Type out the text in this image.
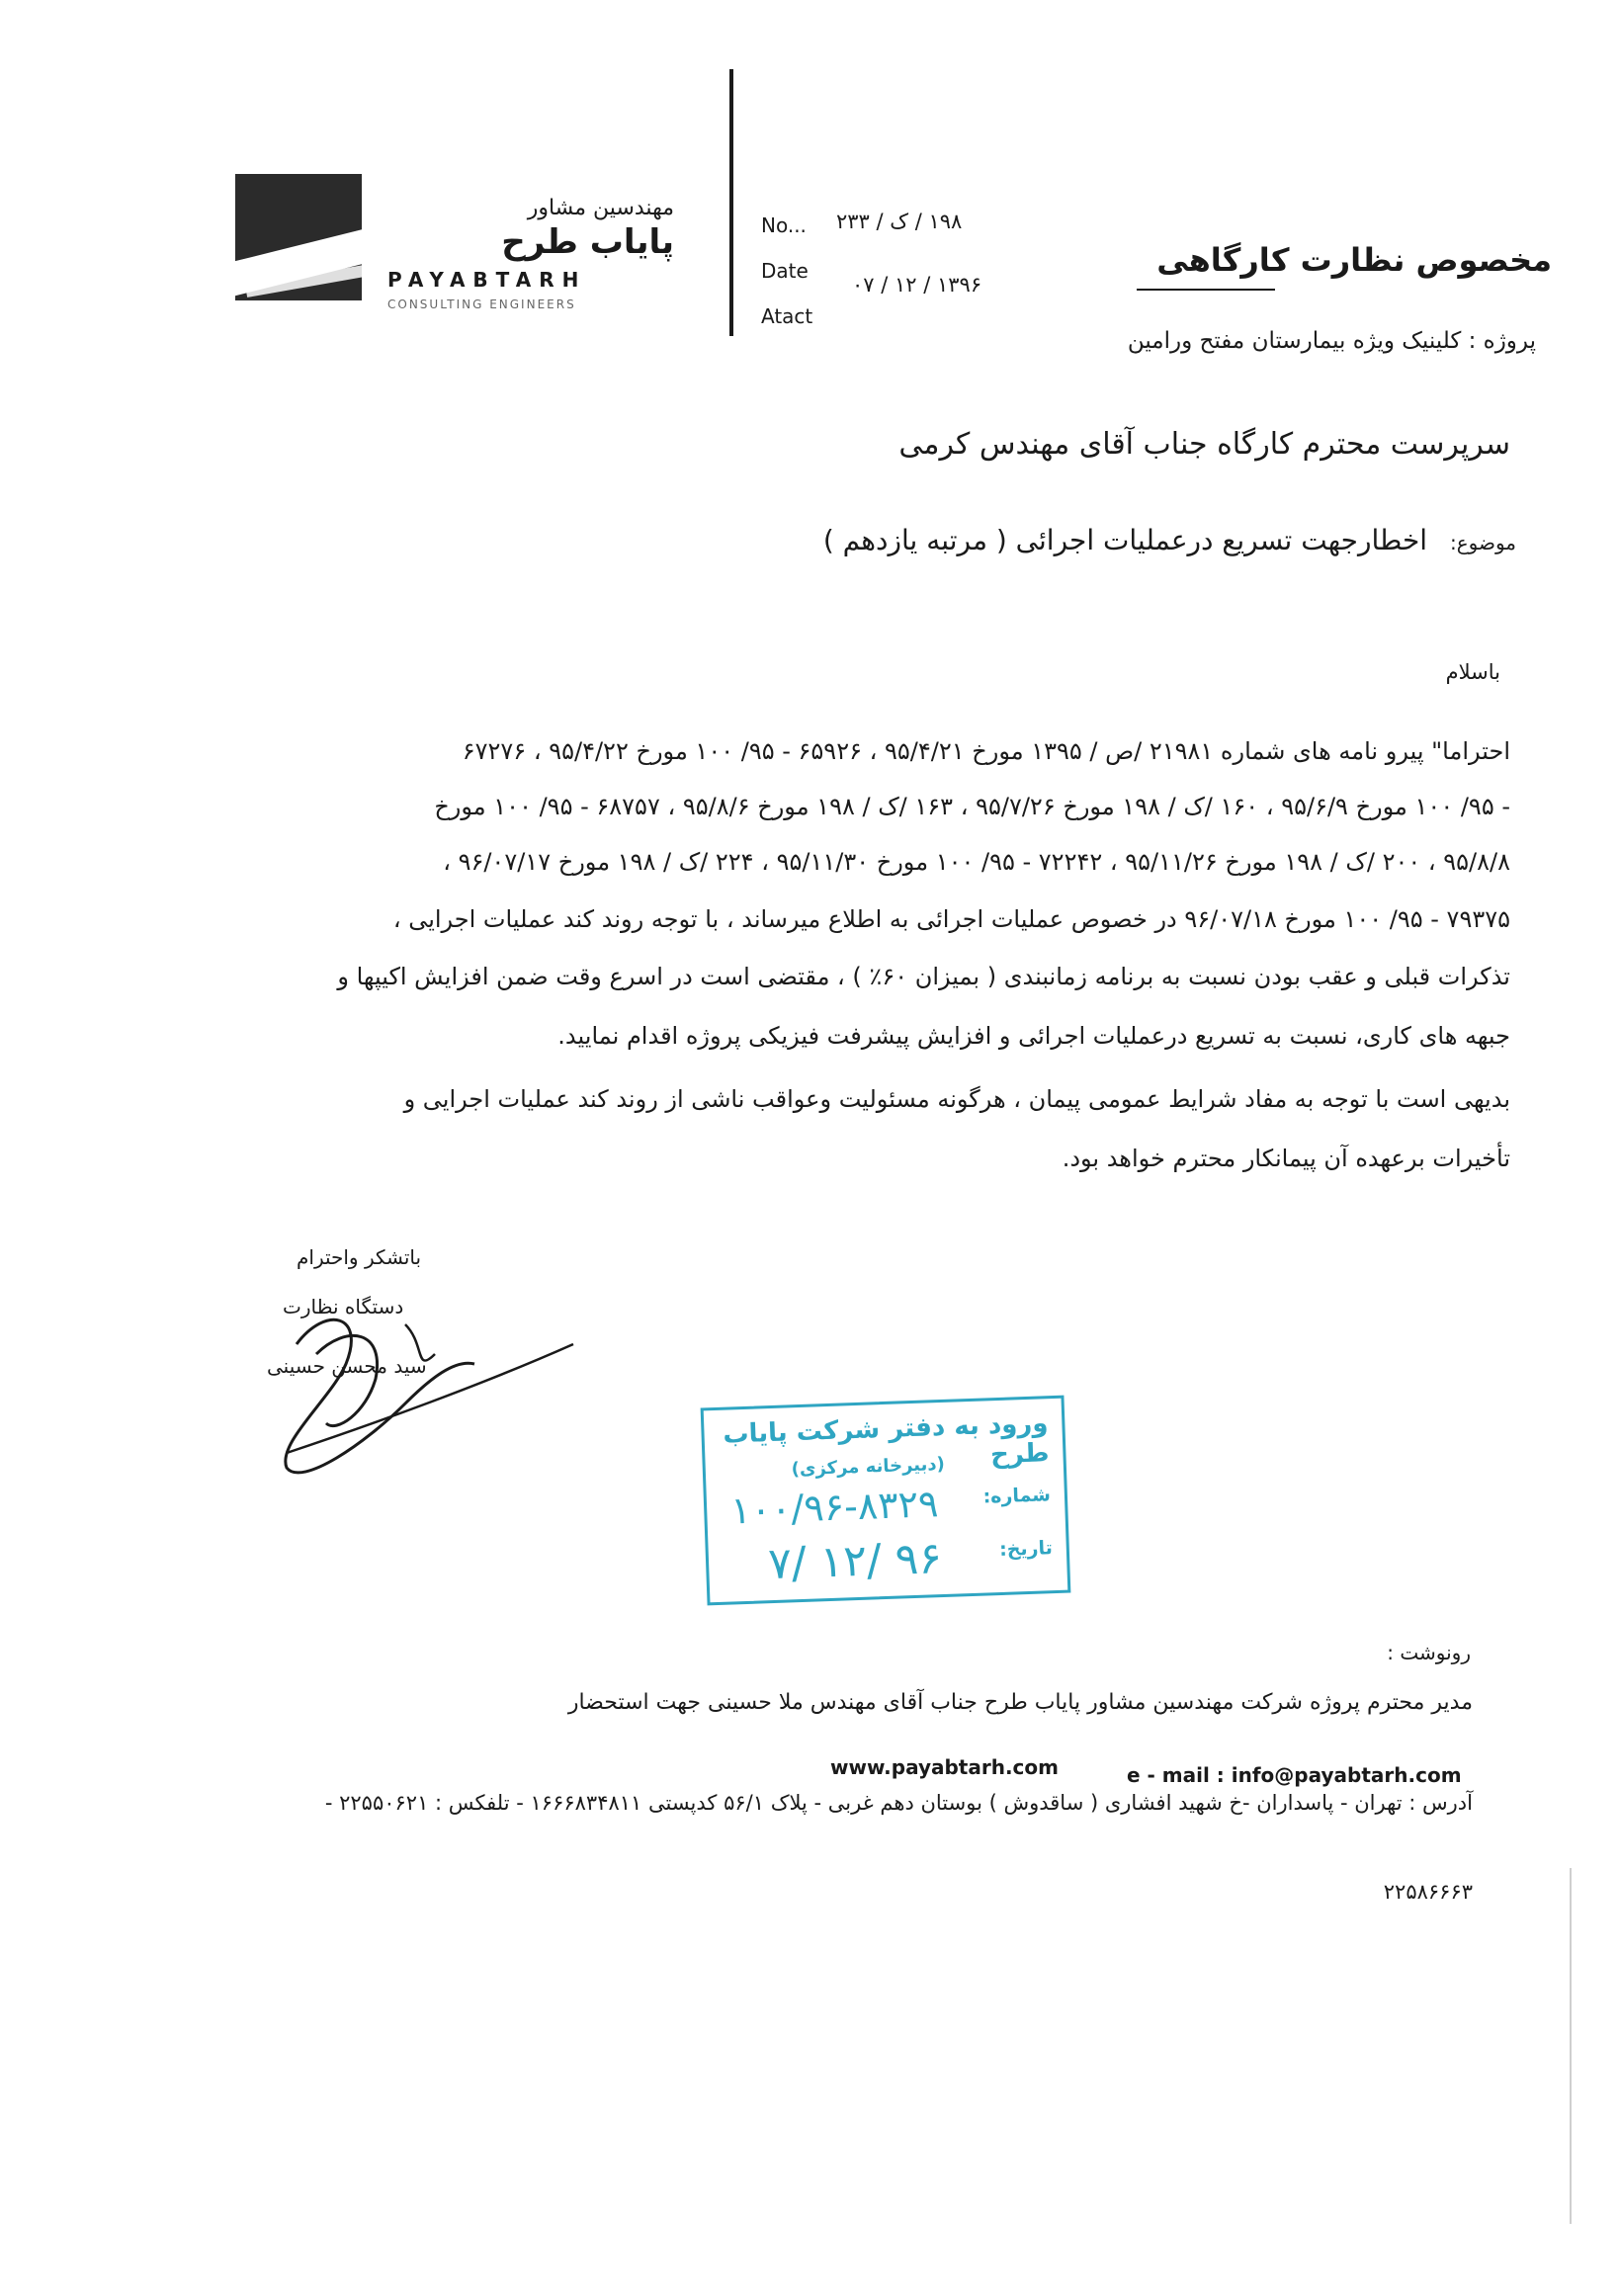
مهندسین مشاور
پایاب طرح
PAYABTARH
CONSULTING ENGINEERS
No... ۱۹۸ / ک / ۲۳۳
Date
۱۳۹۶ / ۱۲ / ۰۷
Atact
مخصوص نظارت کارگاهی
پروژه : کلینیک ویژه بیمارستان مفتح ورامین
سرپرست محترم کارگاه جناب آقای مهندس کرمی
موضوع: اخطارجهت تسریع درعملیات اجرائی ( مرتبه یازدهم )
باسلام
احتراما" پیرو نامه های شماره ۲۱۹۸۱ /ص / ۱۳۹۵ مورخ ۹۵/۴/۲۱ ، ۶۵۹۲۶ - ۹۵/ ۱۰۰ مورخ ۹۵/۴/۲۲ ، ۶۷۲۷۶
- ۹۵/ ۱۰۰ مورخ ۹۵/۶/۹ ، ۱۶۰ /ک / ۱۹۸ مورخ ۹۵/۷/۲۶ ، ۱۶۳ /ک / ۱۹۸ مورخ ۹۵/۸/۶ ، ۶۸۷۵۷ - ۹۵/ ۱۰۰ مورخ
۹۵/۸/۸ ، ۲۰۰ /ک / ۱۹۸ مورخ ۹۵/۱۱/۲۶ ، ۷۲۲۴۲ - ۹۵/ ۱۰۰ مورخ ۹۵/۱۱/۳۰ ، ۲۲۴ /ک / ۱۹۸ مورخ ۹۶/۰۷/۱۷ ،
۷۹۳۷۵ - ۹۵/ ۱۰۰ مورخ ۹۶/۰۷/۱۸ در خصوص عملیات اجرائی به اطلاع میرساند ، با توجه روند کند عملیات اجرایی ،
تذکرات قبلی و عقب بودن نسبت به برنامه زمانبندی ( بمیزان ۶۰٪ ) ، مقتضی است در اسرع وقت ضمن افزایش اکیپها و
جبهه های کاری، نسبت به تسریع درعملیات اجرائی و افزایش پیشرفت فیزیکی پروژه اقدام نمایید.
بدیهی است با توجه به مفاد شرایط عمومی پیمان ، هرگونه مسئولیت وعواقب ناشی از روند کند عملیات اجرایی و
تأخیرات برعهده آن پیمانکار محترم خواهد بود.
باتشکر واحترام
دستگاه نظارت
سید محسن حسینی
ورود به دفتر شرکت پایاب طرح
(دبیرخانه مرکزی)
شماره:
۱۰۰/۹۶-۸۳۲۹
تاریخ:
۹۶ /۱۲ /۷
رونوشت :
مدیر محترم پروژه شرکت مهندسین مشاور پایاب طرح جناب آقای مهندس ملا حسینی جهت استحضار
www.payabtarh.com	e - mail : info@payabtarh.com
آدرس : تهران - پاسداران -خ شهید افشاری ( ساقدوش ) بوستان دهم غربی - پلاک ۵۶/۱ کدپستی ۱۶۶۶۸۳۴۸۱۱ - تلفکس : ۲۲۵۵۰۶۲۱ -
۲۲۵۸۶۶۶۳
